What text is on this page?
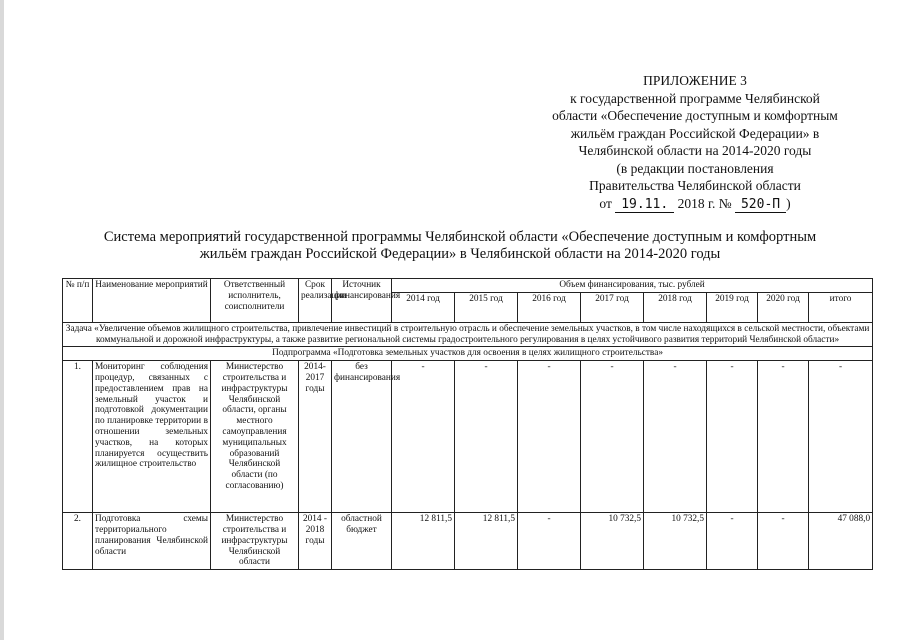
ПРИЛОЖЕНИЕ 3
к государственной программе Челябинской
области «Обеспечение доступным и комфортным
жильём граждан Российской Федерации» в
Челябинской области на 2014-2020 годы
(в редакции постановления
Правительства Челябинской области
от 19.11. 2018 г. № 520-П )
Система мероприятий государственной программы Челябинской области «Обеспечение доступным и комфортным
жильём граждан Российской Федерации» в Челябинской области на 2014-2020 годы
№ п/п	Наименование мероприятий	Ответственный исполнитель, соисполнители	Срок реализации	Источник финансирования	Объем финансирования, тыс. рублей							
					2014 год	2015 год	2016 год	2017 год	2018 год	2019 год	2020 год	итого
Задача «Увеличение объемов жилищного строительства, привлечение инвестиций в строительную отрасль и обеспечение земельных участков, в том числе находящихся в сельской местности, объектами коммунальной и дорожной инфраструктуры, а также развитие региональной системы градостроительного регулирования в целях устойчивого развития территорий Челябинской области»												
Подпрограмма «Подготовка земельных участков для освоения в целях жилищного строительства»												
1.	Мониторинг соблюдения процедур, связанных с предоставлением прав на земельный участок и подготовкой документации по планировке территории в отношении земельных участков, на которых планируется осуществить жилищное строительство	Министерство строительства и инфраструктуры Челябинской области, органы местного самоуправления муниципальных образований Челябинской области (по согласованию)	2014-2017 годы	без финансирования	-	-	-	-	-	-	-	-
2.	Подготовка схемы территориального планирования Челябинской области	Министерство строительства и инфраструктуры Челябинской области	2014 - 2018 годы	областной бюджет	12 811,5	12 811,5	-	10 732,5	10 732,5	-	-	47 088,0
